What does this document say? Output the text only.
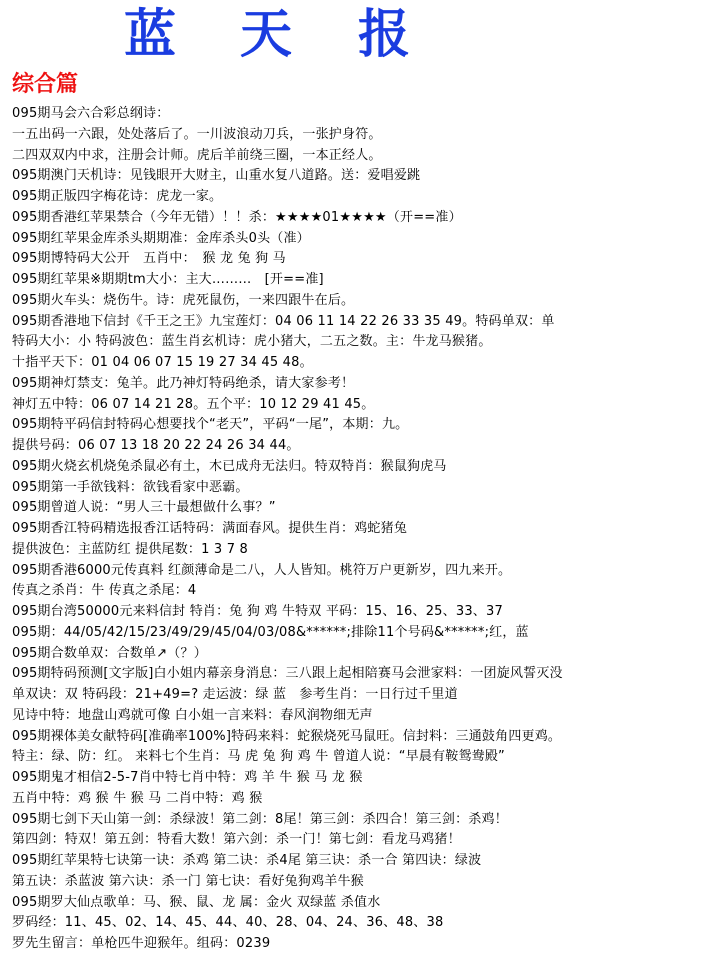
蓝	天	报
综合篇
095期马会六合彩总纲诗：
一五出码一六跟，处处落后了。一川波浪动刀兵，一张护身符。
二四双双内中求，注册会计师。虎后羊前绕三圈，一本正经人。
095期澳门天机诗：见钱眼开大财主，山重水复八道路。送：爱唱爱跳
095期正版四字梅花诗：虎龙一家。
095期香港红苹果禁合（今年无错）！！杀：★★★★01★★★★（开==准）
095期红苹果金库杀头期期准：金库杀头0头（准）
095期博特码大公开　五肖中：　猴 龙 兔 狗 马
095期红苹果※期期tm大小：主大………　[开==准]
095期火车头：烧伤牛。诗：虎死鼠伤，一来四跟牛在后。
095期香港地下信封《千王之王》九宝莲灯：04 06 11 14 22 26 33 35 49。特码单双：单
特码大小：小 特码波色：蓝生肖玄机诗：虎小猪大，二五之数。主：牛龙马猴猪。
十指平天下：01 04 06 07 15 19 27 34 45 48。
095期神灯禁支：兔羊。此乃神灯特码绝杀，请大家参考！
神灯五中特：06 07 14 21 28。五个平：10 12 29 41 45。
095期特平码信封特码心想要找个“老天”，平码“一尾”，本期：九。
提供号码：06 07 13 18 20 22 24 26 34 44。
095期火烧玄机烧兔杀鼠必有土，木已成舟无法归。特双特肖：猴鼠狗虎马
095期第一手欲钱料：欲钱看家中恶霸。
095期曾道人说：“男人三十最想做什么事？”
095期香江特码精选报香江话特码：满面春风。提供生肖：鸡蛇猪兔
提供波色：主蓝防红 提供尾数：1 3 7 8
095期香港6000元传真料 红颜薄命是二八，人人皆知。桃符万户更新岁，四九来开。
传真之杀肖：牛 传真之杀尾：4
095期台湾50000元来料信封 特肖：兔 狗 鸡 牛特双 平码：15、16、25、33、37
095期：44/05/42/15/23/49/29/45/04/03/08&******;排除11个号码&******;红，蓝
095期合数单双：合数单↗（？）
095期特码预测[文字版]白小姐内幕亲身消息：三八跟上起相陪赛马会泄家料：一团旋风誓灭没
单双诀：双 特码段：21+49=? 走运波：绿 蓝　参考生肖：一日行过千里道
见诗中特：地盘山鸡就可像 白小姐一言来料：春风润物细无声
095期裸体美女献特码[准确率100%]特码来料：蛇猴烧死马鼠旺。信封料：三通鼓角四更鸡。
特主：绿、防：红。 来料七个生肖：马 虎 兔 狗 鸡 牛 曾道人说：“早晨有鞍鸳鸯殿”
095期鬼才相信2-5-7肖中特七肖中特：鸡 羊 牛 猴 马 龙 猴
五肖中特：鸡 猴 牛 猴 马 二肖中特：鸡 猴
095期七剑下天山第一剑：杀绿波！第二剑：8尾！第三剑：杀四合！第三剑：杀鸡！
第四剑：特双！第五剑：特看大数！第六剑：杀一门！第七剑：看龙马鸡猪！
095期红苹果特七诀第一诀：杀鸡 第二诀：杀4尾 第三诀：杀一合 第四诀：绿波
第五诀：杀蓝波 第六诀：杀一门 第七诀：看好兔狗鸡羊牛猴
095期罗大仙点歌单：马、猴、鼠、龙 属：金火 双绿蓝 杀值水
罗码经：11、45、02、14、45、44、40、28、04、24、36、48、38
罗先生留言：单枪匹牛迎猴年。组码：0239
